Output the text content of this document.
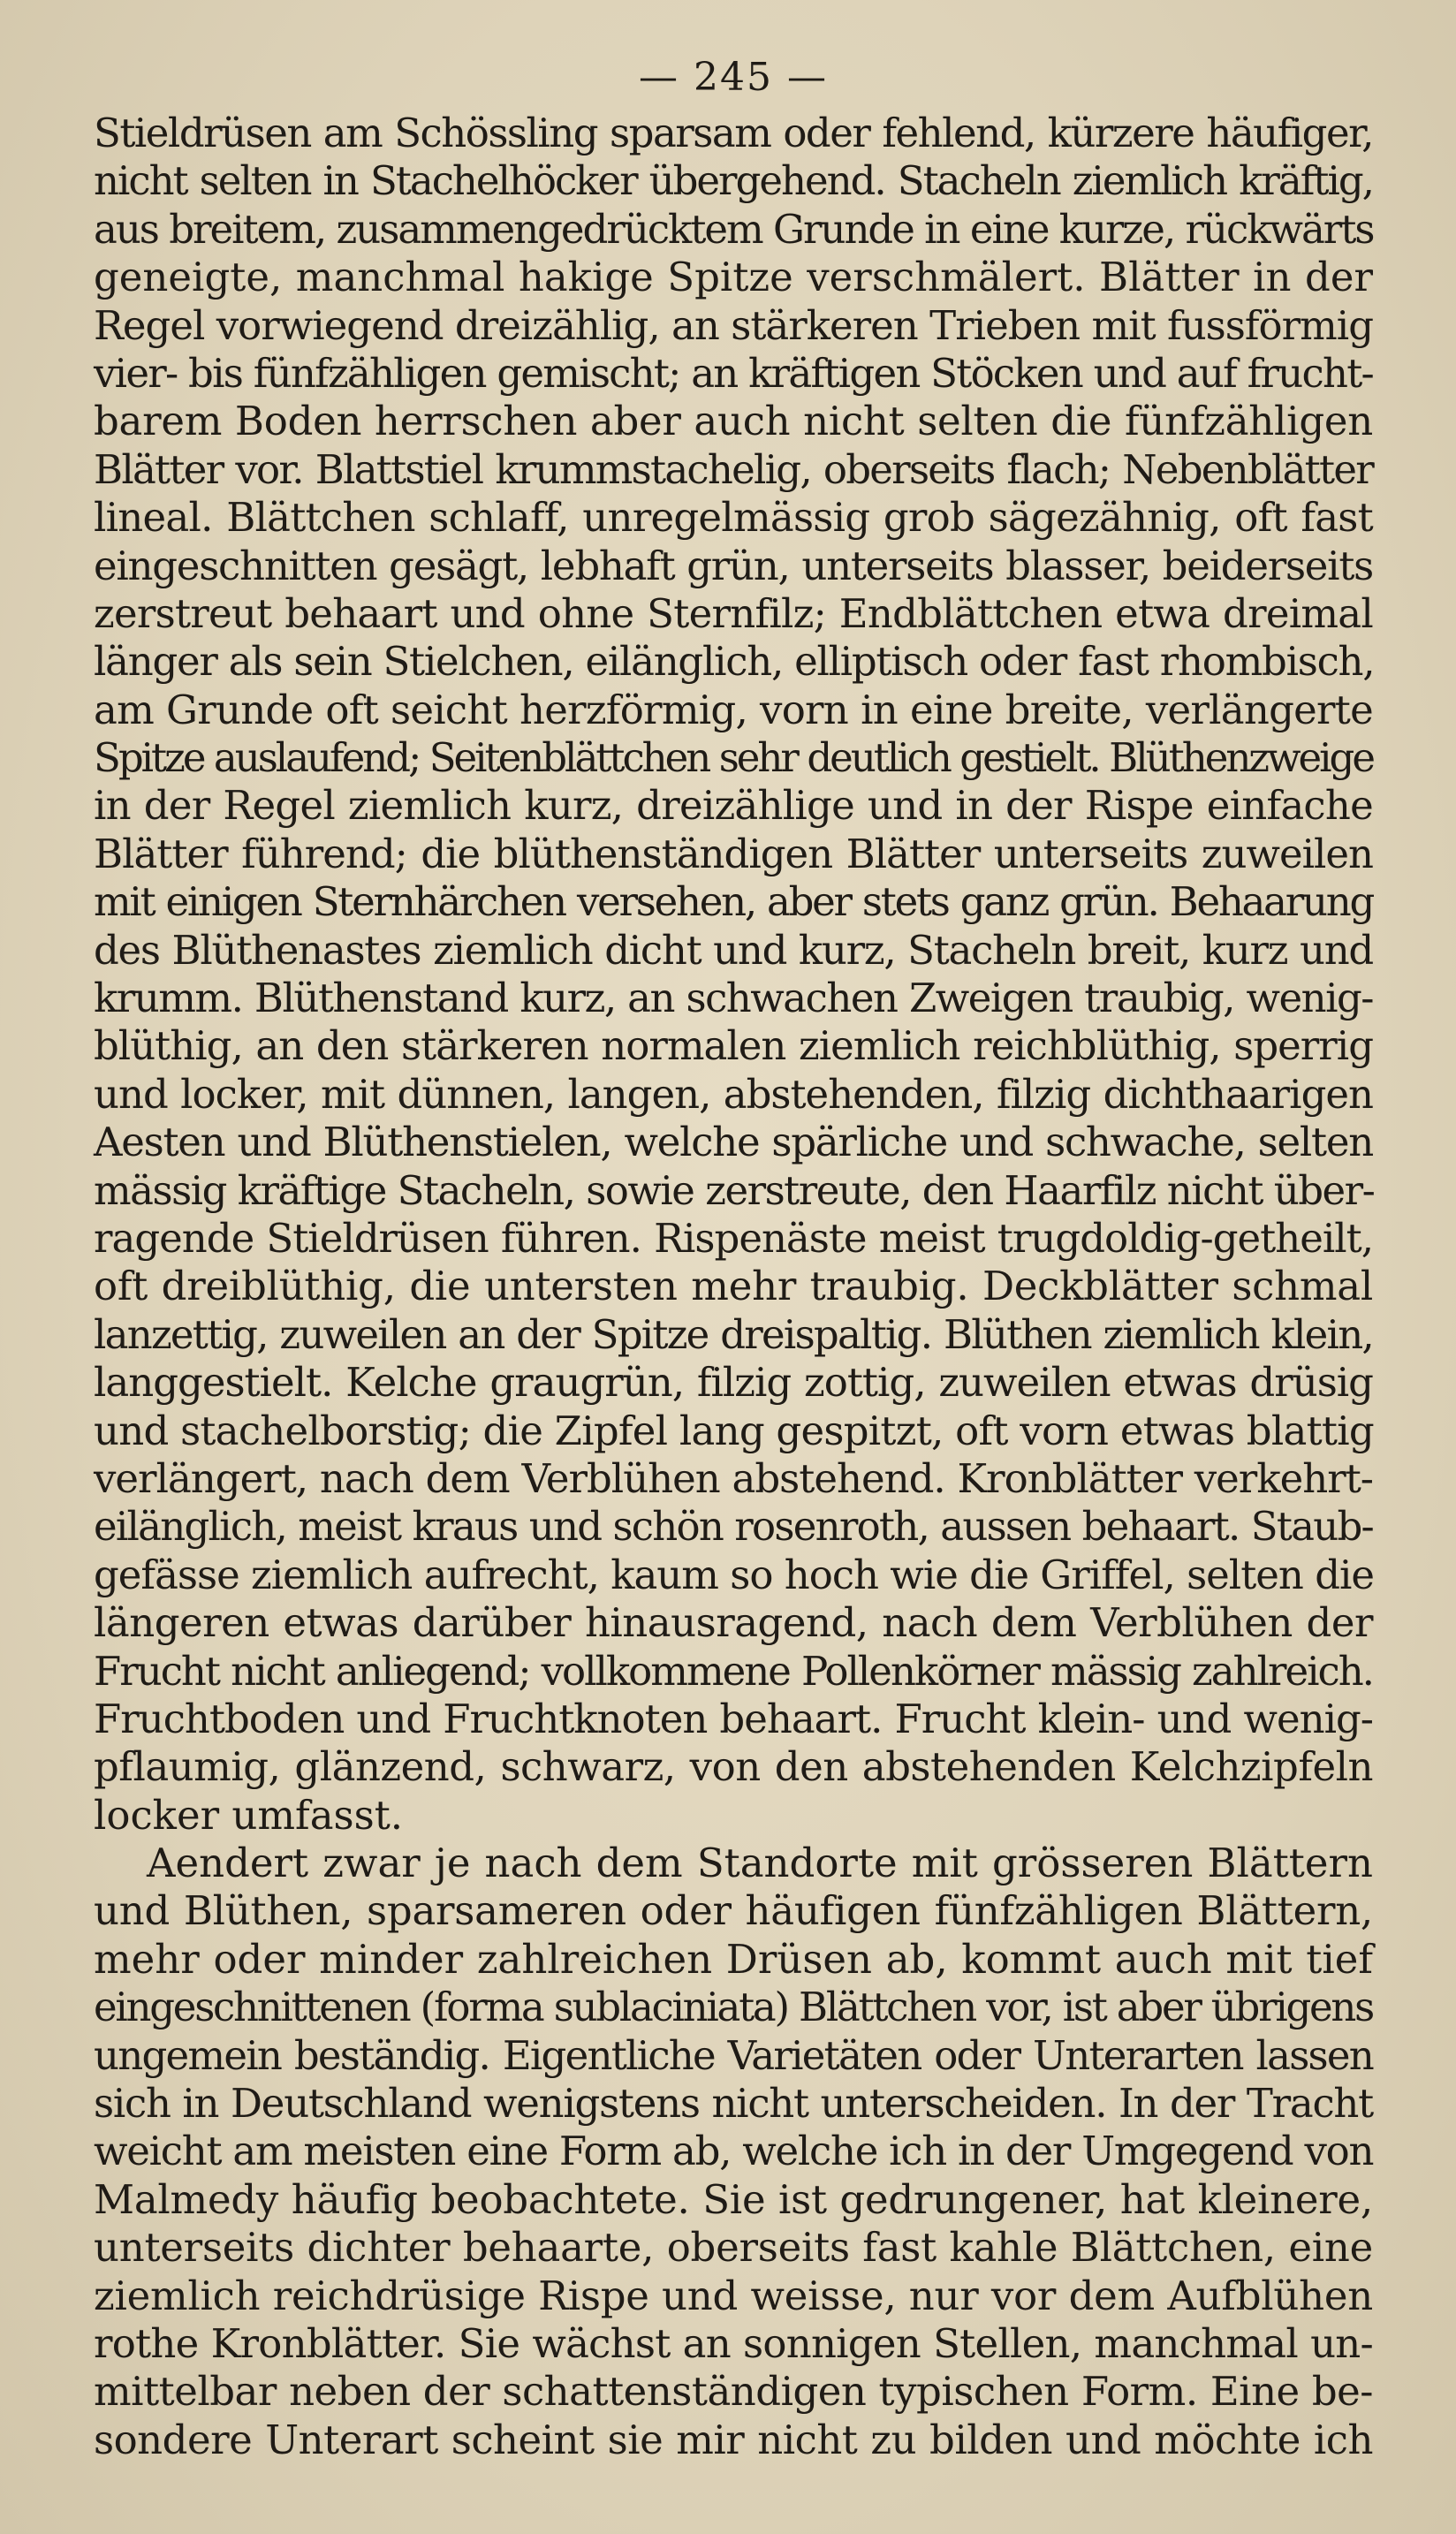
— 245 —
Stieldrüsen am Schössling sparsam oder fehlend, kürzere häufiger,
nicht selten in Stachelhöcker übergehend. Stacheln ziemlich kräftig,
aus breitem, zusammengedrücktem Grunde in eine kurze, rückwärts
geneigte, manchmal hakige Spitze verschmälert. Blätter in der
Regel vorwiegend dreizählig, an stärkeren Trieben mit fussförmig
vier- bis fünfzähligen gemischt; an kräftigen Stöcken und auf frucht-
barem Boden herrschen aber auch nicht selten die fünfzähligen
Blätter vor. Blattstiel krummstachelig, oberseits flach; Nebenblätter
lineal. Blättchen schlaff, unregelmässig grob sägezähnig, oft fast
eingeschnitten gesägt, lebhaft grün, unterseits blasser, beiderseits
zerstreut behaart und ohne Sternfilz; Endblättchen etwa dreimal
länger als sein Stielchen, eilänglich, elliptisch oder fast rhombisch,
am Grunde oft seicht herzförmig, vorn in eine breite, verlängerte
Spitze auslaufend; Seitenblättchen sehr deutlich gestielt. Blüthenzweige
in der Regel ziemlich kurz, dreizählige und in der Rispe einfache
Blätter führend; die blüthenständigen Blätter unterseits zuweilen
mit einigen Sternhärchen versehen, aber stets ganz grün. Behaarung
des Blüthenastes ziemlich dicht und kurz, Stacheln breit, kurz und
krumm. Blüthenstand kurz, an schwachen Zweigen traubig, wenig-
blüthig, an den stärkeren normalen ziemlich reichblüthig, sperrig
und locker, mit dünnen, langen, abstehenden, filzig dichthaarigen
Aesten und Blüthenstielen, welche spärliche und schwache, selten
mässig kräftige Stacheln, sowie zerstreute, den Haarfilz nicht über-
ragende Stieldrüsen führen. Rispenäste meist trugdoldig-getheilt,
oft dreiblüthig, die untersten mehr traubig. Deckblätter schmal
lanzettig, zuweilen an der Spitze dreispaltig. Blüthen ziemlich klein,
langgestielt. Kelche graugrün, filzig zottig, zuweilen etwas drüsig
und stachelborstig; die Zipfel lang gespitzt, oft vorn etwas blattig
verlängert, nach dem Verblühen abstehend. Kronblätter verkehrt-
eilänglich, meist kraus und schön rosenroth, aussen behaart. Staub-
gefässe ziemlich aufrecht, kaum so hoch wie die Griffel, selten die
längeren etwas darüber hinausragend, nach dem Verblühen der
Frucht nicht anliegend; vollkommene Pollenkörner mässig zahlreich.
Fruchtboden und Fruchtknoten behaart. Frucht klein- und wenig-
pflaumig, glänzend, schwarz, von den abstehenden Kelchzipfeln
locker umfasst.
Aendert zwar je nach dem Standorte mit grösseren Blättern
und Blüthen, sparsameren oder häufigen fünfzähligen Blättern,
mehr oder minder zahlreichen Drüsen ab, kommt auch mit tief
eingeschnittenen (forma sublaciniata) Blättchen vor, ist aber übrigens
ungemein beständig. Eigentliche Varietäten oder Unterarten lassen
sich in Deutschland wenigstens nicht unterscheiden. In der Tracht
weicht am meisten eine Form ab, welche ich in der Umgegend von
Malmedy häufig beobachtete. Sie ist gedrungener, hat kleinere,
unterseits dichter behaarte, oberseits fast kahle Blättchen, eine
ziemlich reichdrüsige Rispe und weisse, nur vor dem Aufblühen
rothe Kronblätter. Sie wächst an sonnigen Stellen, manchmal un-
mittelbar neben der schattenständigen typischen Form. Eine be-
sondere Unterart scheint sie mir nicht zu bilden und möchte ich
